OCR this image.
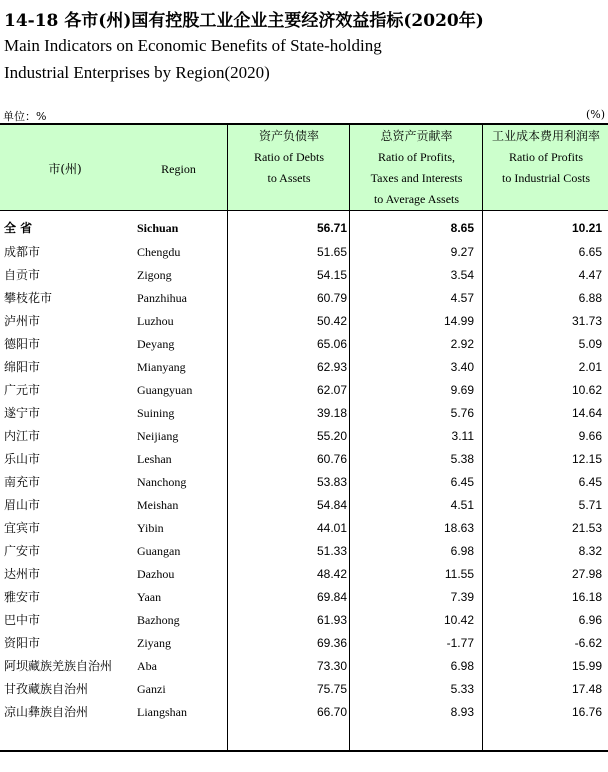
14-18 各市(州)国有控股工业企业主要经济效益指标(2020年)
Main Indicators on Economic Benefits of State-holding
Industrial Enterprises by Region(2020)
单位：%	(%)
市(州)	Region
资产负债率
Ratio of Debts
to Assets
总资产贡献率
Ratio of Profits,
Taxes and Interests
to Average Assets
工业成本费用利润率
Ratio of Profits
to Industrial Costs
全 省	Sichuan	56.71	8.65	10.21
成都市	Chengdu	51.65	9.27	6.65
自贡市	Zigong	54.15	3.54	4.47
攀枝花市	Panzhihua	60.79	4.57	6.88
泸州市	Luzhou	50.42	14.99	31.73
德阳市	Deyang	65.06	2.92	5.09
绵阳市	Mianyang	62.93	3.40	2.01
广元市	Guangyuan	62.07	9.69	10.62
遂宁市	Suining	39.18	5.76	14.64
内江市	Neijiang	55.20	3.11	9.66
乐山市	Leshan	60.76	5.38	12.15
南充市	Nanchong	53.83	6.45	6.45
眉山市	Meishan	54.84	4.51	5.71
宜宾市	Yibin	44.01	18.63	21.53
广安市	Guangan	51.33	6.98	8.32
达州市	Dazhou	48.42	11.55	27.98
雅安市	Yaan	69.84	7.39	16.18
巴中市	Bazhong	61.93	10.42	6.96
资阳市	Ziyang	69.36	-1.77	-6.62
阿坝藏族羌族自治州 Aba	73.30	6.98	15.99
甘孜藏族自治州	Ganzi	75.75	5.33	17.48
凉山彝族自治州	Liangshan	66.70	8.93	16.76
